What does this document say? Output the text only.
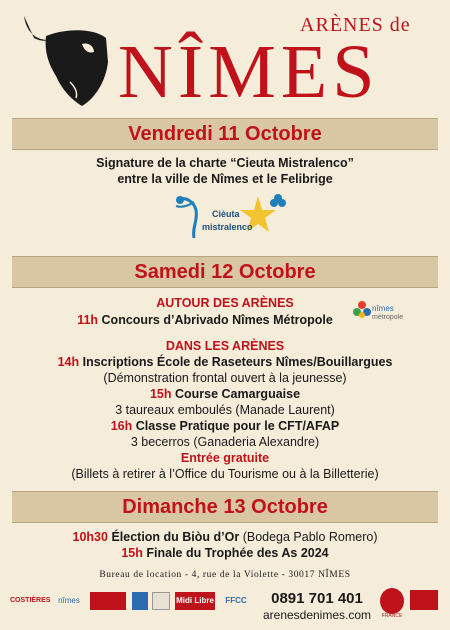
ARÈNES de
NÎMES
Vendredi 11 Octobre
Signature de la charte “Cieuta Mistralenco”
entre la ville de Nîmes et le Felibrige
Cièuta
mistralenco
Samedi 12 Octobre
AUTOUR DES ARÈNES
11h Concours d’Abrivado Nîmes Métropole
nîmes
métropole
DANS LES ARÈNES
14h Inscriptions École de Raseteurs Nîmes/Bouillargues
(Démonstration frontal ouvert à la jeunesse)
15h Course Camarguaise
3 taureaux emboulés (Manade Laurent)
16h Classe Pratique pour le CFT/AFAP
3 becerros (Ganaderia Alexandre)
Entrée gratuite
(Billets à retirer à l’Office du Tourisme ou à la Billetterie)
Dimanche 13 Octobre
10h30 Élection du Biòu d’Or (Bodega Pablo Romero)
15h Finale du Trophée des As 2024
Bureau de location - 4, rue de la Violette - 30017 NÎMES
COSTIÈRES nîmes	Midi Libre	FFCC
FRANCE
0891 701 401
arenesdenimes.com
